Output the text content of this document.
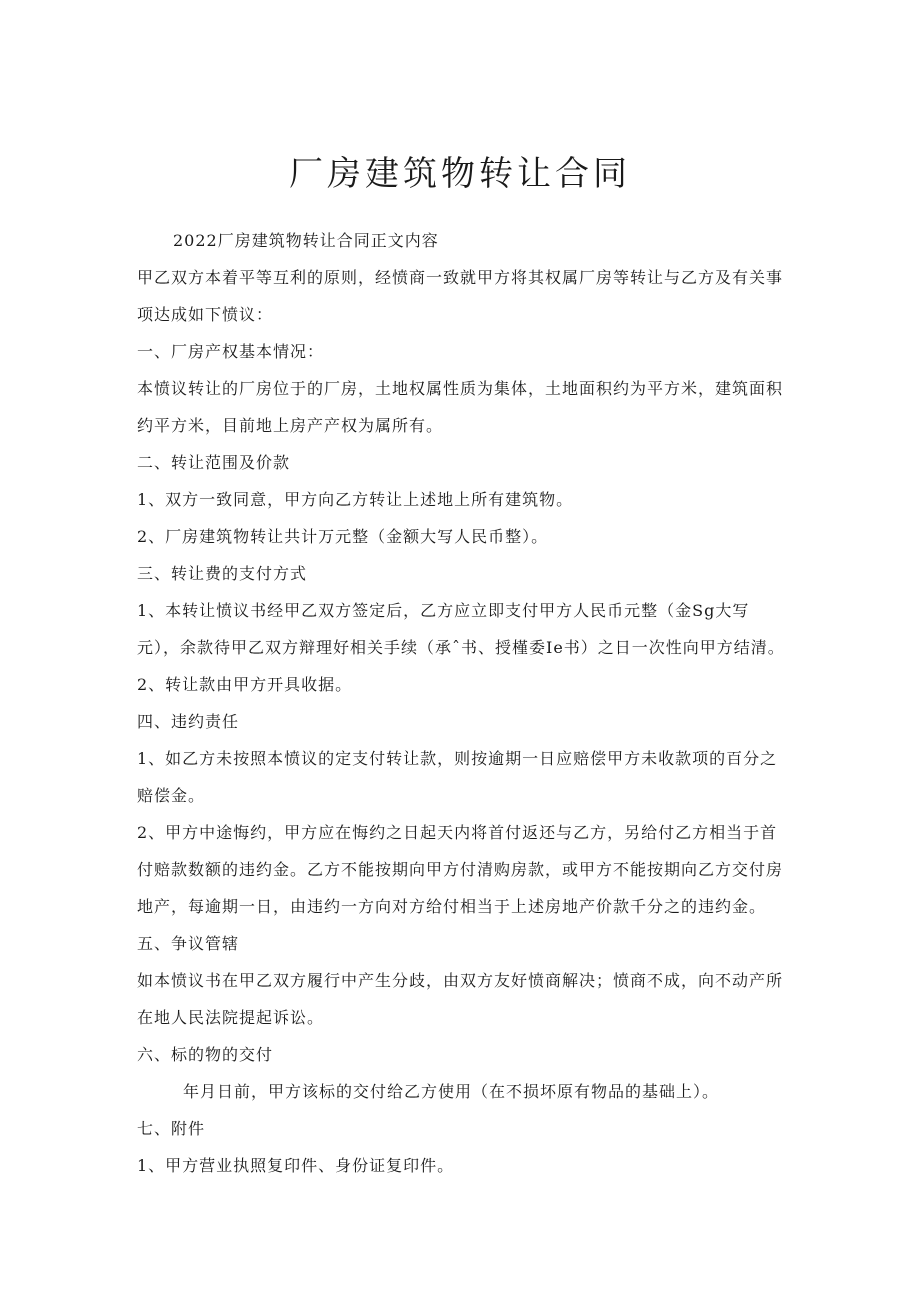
厂房建筑物转让合同

2022厂房建筑物转让合同正文内容

甲乙双方本着平等互利的原则，经愤商一致就甲方将其权属厂房等转让与乙方及有关事

项达成如下愤议：

一、厂房产权基本情况：

本愤议转让的厂房位于的厂房，土地权属性质为集体，土地面积约为平方米，建筑面积

约平方米，目前地上房产产权为属所有。

二、转让范围及价款

1、双方一致同意，甲方向乙方转让上述地上所有建筑物。

2、厂房建筑物转让共计万元整（金额大写人民币整）。

三、转让费的支付方式

1、本转让愤议书经甲乙双方签定后，乙方应立即支付甲方人民币元整（金Sg大写

元），余款待甲乙双方辩理好相关手续（承ˆ书、授槿委Ie书）之日一次性向甲方结清。

2、转让款由甲方开具收据。

四、违约责任

1、如乙方未按照本愤议的定支付转让款，则按逾期一日应赔偿甲方未收款项的百分之

赔偿金。

2、甲方中途悔约，甲方应在悔约之日起天内将首付返还与乙方，另给付乙方相当于首

付赔款数额的违约金。乙方不能按期向甲方付清购房款，或甲方不能按期向乙方交付房

地产，每逾期一日，由违约一方向对方给付相当于上述房地产价款千分之的违约金。

五、争议管辖

如本愤议书在甲乙双方履行中产生分歧，由双方友好愤商解决；愤商不成，向不动产所

在地人民法院提起诉讼。

六、标的物的交付

年月日前，甲方该标的交付给乙方使用（在不损坏原有物品的基础上）。

七、附件

1、甲方营业执照复印件、身份证复印件。
